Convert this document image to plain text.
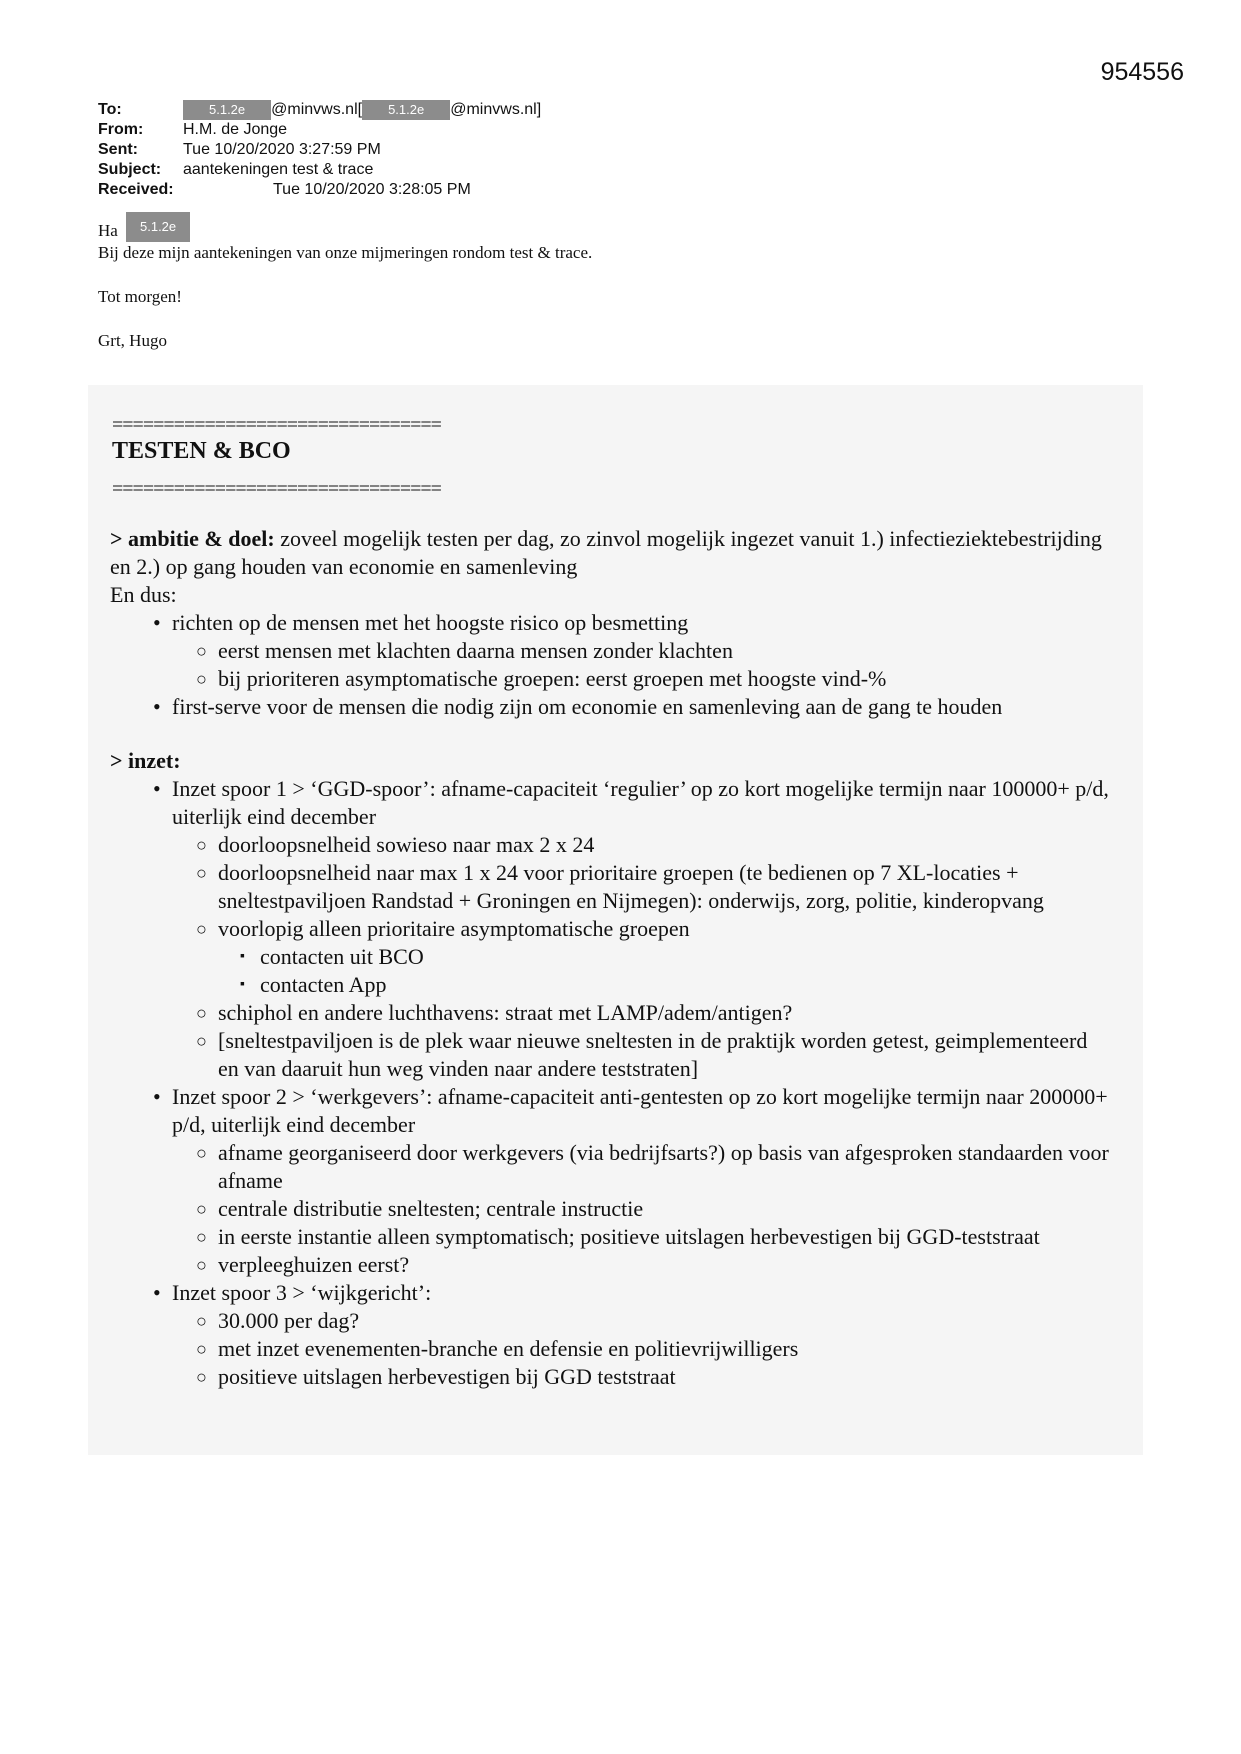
954556
To:	5.1.2e	@minvws.nl[	5.1.2e	@minvws.nl]
From:	H.M. de Jonge
Sent:	Tue 10/20/2020 3:27:59 PM
Subject:	aantekeningen test & trace
Received:	Tue 10/20/2020 3:28:05 PM
Ha	5.1.2e

Bij deze mijn aantekeningen van onze mijmeringen rondom test & trace.

Tot morgen!

Grt, Hugo

================================
TESTEN & BCO
================================

> ambitie & doel: zoveel mogelijk testen per dag, zo zinvol mogelijk ingezet vanuit 1.) infectieziektebestrijding en 2.) op gang houden van economie en samenleving

En dus:

• richten op de mensen met het hoogste risico op besmetting

○ eerst mensen met klachten daarna mensen zonder klachten

○ bij prioriteren asymptomatische groepen: eerst groepen met hoogste vind-%

• first-serve voor de mensen die nodig zijn om economie en samenleving aan de gang te houden

> inzet:

• Inzet spoor 1 > ‘GGD-spoor’: afname-capaciteit ‘regulier’ op zo kort mogelijke termijn naar 100000+ p/d, uiterlijk eind december

○ doorloopsnelheid sowieso naar max 2 x 24

○ doorloopsnelheid naar max 1 x 24 voor prioritaire groepen (te bedienen op 7 XL-locaties + sneltestpaviljoen Randstad + Groningen en Nijmegen): onderwijs, zorg, politie, kinderopvang

○ voorlopig alleen prioritaire asymptomatische groepen

▪ contacten uit BCO

▪ contacten App

○ schiphol en andere luchthavens: straat met LAMP/adem/antigen?

○ [sneltestpaviljoen is de plek waar nieuwe sneltesten in de praktijk worden getest, geimplementeerd en van daaruit hun weg vinden naar andere teststraten]

• Inzet spoor 2 > ‘werkgevers’: afname-capaciteit anti-gentesten op zo kort mogelijke termijn naar 200000+ p/d, uiterlijk eind december

○ afname georganiseerd door werkgevers (via bedrijfsarts?) op basis van afgesproken standaarden voor afname

○ centrale distributie sneltesten; centrale instructie

○ in eerste instantie alleen symptomatisch; positieve uitslagen herbevestigen bij GGD-teststraat

○ verpleeghuizen eerst?

• Inzet spoor 3 > ‘wijkgericht’:

○ 30.000 per dag?

○ met inzet evenementen-branche en defensie en politievrijwilligers

○ positieve uitslagen herbevestigen bij GGD teststraat
